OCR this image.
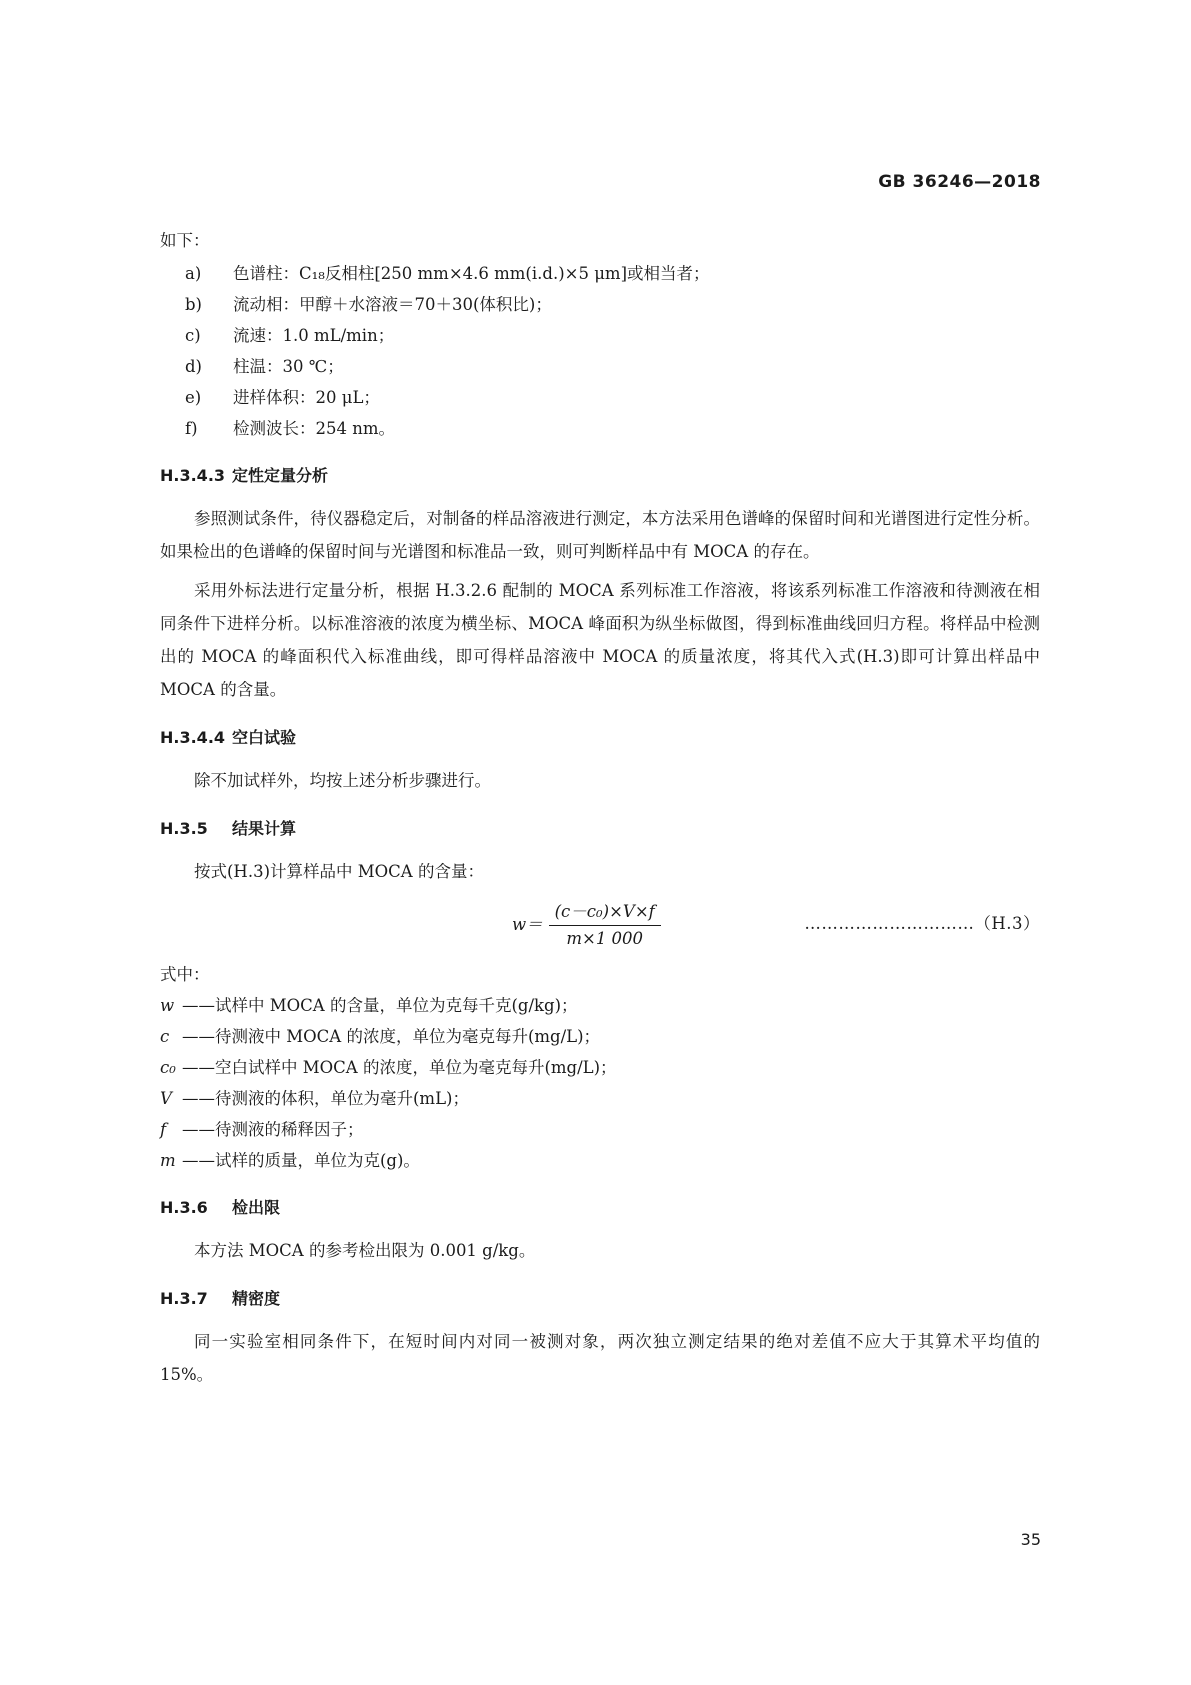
GB 36246—2018

如下：

a)	色谱柱：C₁₈反相柱[250 mm×4.6 mm(i.d.)×5 μm]或相当者；
b)	流动相：甲醇＋水溶液＝70＋30(体积比)；
c)	流速：1.0 mL/min；
d)	柱温：30 ℃；
e)	进样体积：20 μL；
f)	检测波长：254 nm。
H.3.4.3 定性定量分析

参照测试条件，待仪器稳定后，对制备的样品溶液进行测定，本方法采用色谱峰的保留时间和光谱图进行定性分析。如果检出的色谱峰的保留时间与光谱图和标准品一致，则可判断样品中有 MOCA 的存在。

采用外标法进行定量分析，根据 H.3.2.6 配制的 MOCA 系列标准工作溶液，将该系列标准工作溶液和待测液在相同条件下进样分析。以标准溶液的浓度为横坐标、MOCA 峰面积为纵坐标做图，得到标准曲线回归方程。将样品中检测出的 MOCA 的峰面积代入标准曲线，即可得样品溶液中 MOCA 的质量浓度，将其代入式(H.3)即可计算出样品中 MOCA 的含量。

H.3.4.4 空白试验

除不加试样外，均按上述分析步骤进行。

H.3.5 结果计算

按式(H.3)计算样品中 MOCA 的含量：

$w= \frac{\text{(c－c₀)×V×f}}{m\times 1 000}$	…………………………（H.3）

式中：

w ——试样中 MOCA 的含量，单位为克每千克(g/kg)；
c ——待测液中 MOCA 的浓度，单位为毫克每升(mg/L)；
c₀ ——空白试样中 MOCA 的浓度，单位为毫克每升(mg/L)；
V ——待测液的体积，单位为毫升(mL)；
f ——待测液的稀释因子；
m ——试样的质量，单位为克(g)。
H.3.6 检出限

本方法 MOCA 的参考检出限为 0.001 g/kg。

H.3.7 精密度

同一实验室相同条件下，在短时间内对同一被测对象，两次独立测定结果的绝对差值不应大于其算术平均值的 15%。

35
